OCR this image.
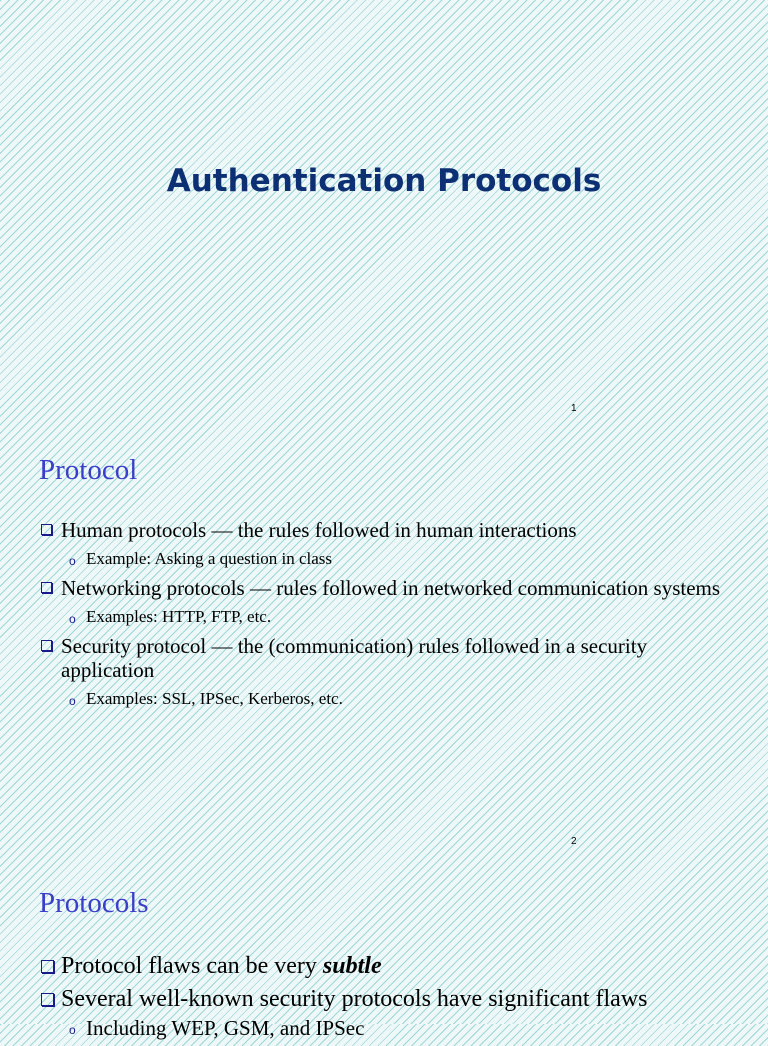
Authentication Protocols
1
Protocol
Human protocols — the rules followed in human interactions
o Example: Asking a question in class
Networking protocols — rules followed in networked communication systems
o Examples: HTTP, FTP, etc.
Security protocol — the (communication) rules followed in a security application
o Examples: SSL, IPSec, Kerberos, etc.
2
Protocols
Protocol flaws can be very subtle
Several well-known security protocols have significant flaws
o Including WEP, GSM, and IPSec
